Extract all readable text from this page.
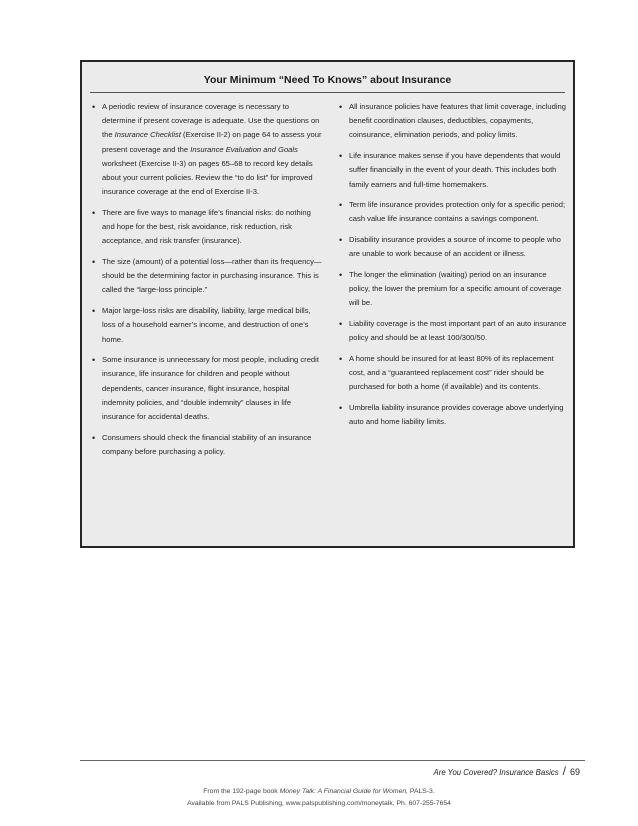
Your Minimum “Need To Knows” about Insurance
• A periodic review of insurance coverage is necessary to determine if present coverage is adequate. Use the questions on the Insurance Checklist (Exercise II-2) on page 64 to assess your present coverage and the Insurance Evaluation and Goals worksheet (Exercise II-3) on pages 65–68 to record key details about your current policies. Review the “to do list” for improved insurance coverage at the end of Exercise II-3.
• There are five ways to manage life’s financial risks: do nothing and hope for the best, risk avoidance, risk reduction, risk acceptance, and risk transfer (insurance).
• The size (amount) of a potential loss—rather than its frequency—should be the determining factor in purchasing insurance. This is called the “large-loss principle.”
• Major large-loss risks are disability, liability, large medical bills, loss of a household earner’s income, and destruction of one’s home.
• Some insurance is unnecessary for most people, including credit insurance, life insurance for children and people without dependents, cancer insurance, flight insurance, hospital indemnity policies, and “double indemnity” clauses in life insurance for accidental deaths.
• Consumers should check the financial stability of an insurance company before purchasing a policy.
• All insurance policies have features that limit coverage, including benefit coordination clauses, deductibles, copayments, coinsurance, elimination periods, and policy limits.
• Life insurance makes sense if you have dependents that would suffer financially in the event of your death. This includes both family earners and full-time homemakers.
• Term life insurance provides protection only for a specific period; cash value life insurance contains a savings component.
• Disability insurance provides a source of income to people who are unable to work because of an accident or illness.
• The longer the elimination (waiting) period on an insurance policy, the lower the premium for a specific amount of coverage will be.
• Liability coverage is the most important part of an auto insurance policy and should be at least 100/300/50.
• A home should be insured for at least 80% of its replacement cost, and a “guaranteed replacement cost” rider should be purchased for both a home (if available) and its contents.
• Umbrella liability insurance provides coverage above underlying auto and home liability limits.
Are You Covered? Insurance Basics / 69
From the 192-page book Money Talk: A Financial Guide for Women, PALS-3.
Available from PALS Publishing, www.palspublishing.com/moneytalk, Ph. 607-255-7654
